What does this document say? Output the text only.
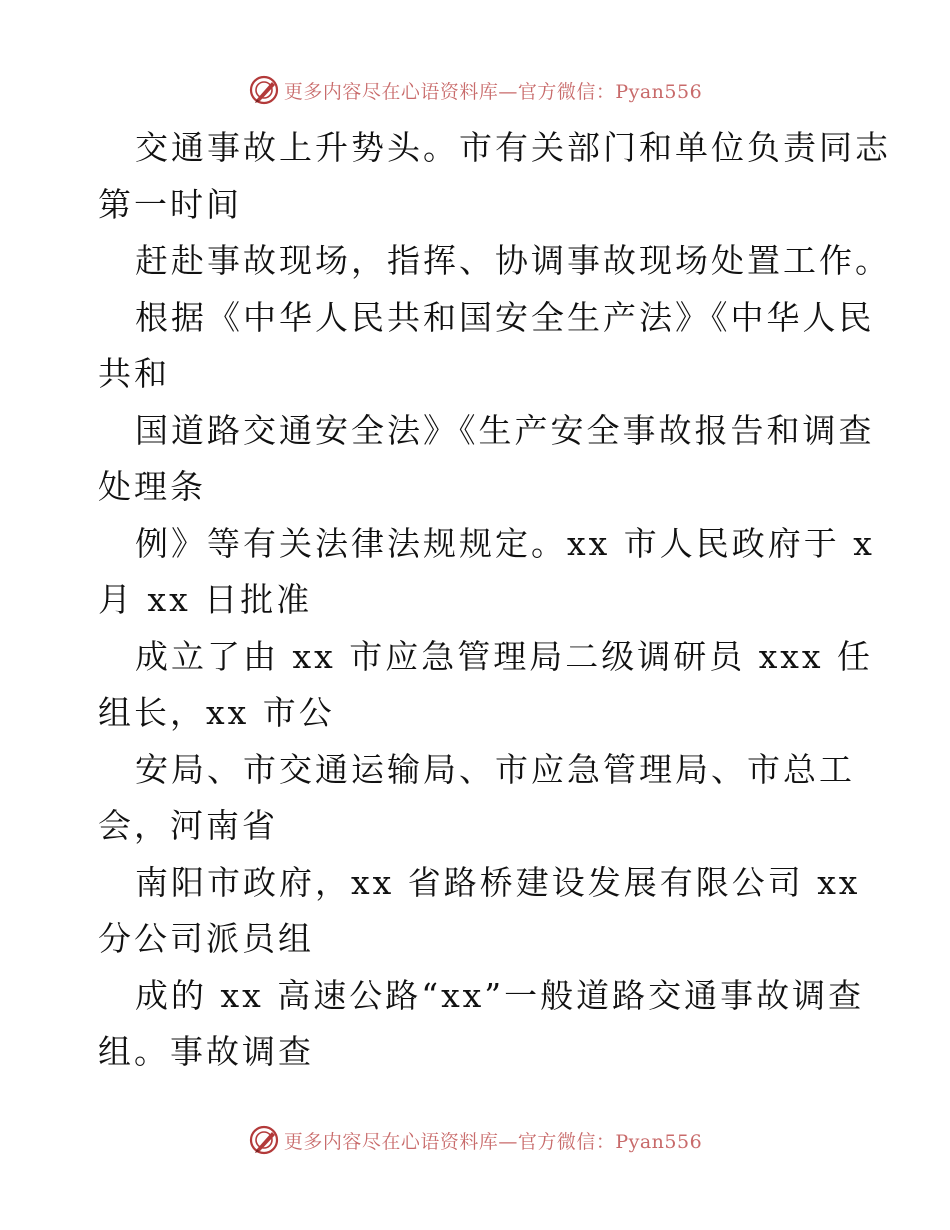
更多内容尽在心语资料库—官方微信：Pyan556
交通事故上升势头。市有关部门和单位负责同志
第一时间
赶赴事故现场，指挥、协调事故现场处置工作。
根据《中华人民共和国安全生产法》《中华人民
共和
国道路交通安全法》《生产安全事故报告和调查
处理条
例》等有关法律法规规定。xx 市人民政府于 x
月 xx 日批准
成立了由 xx 市应急管理局二级调研员 xxx 任
组长，xx 市公
安局、市交通运输局、市应急管理局、市总工
会，河南省
南阳市政府，xx 省路桥建设发展有限公司 xx
分公司派员组
成的 xx 高速公路“xx”一般道路交通事故调查
组。事故调查
更多内容尽在心语资料库—官方微信：Pyan556
